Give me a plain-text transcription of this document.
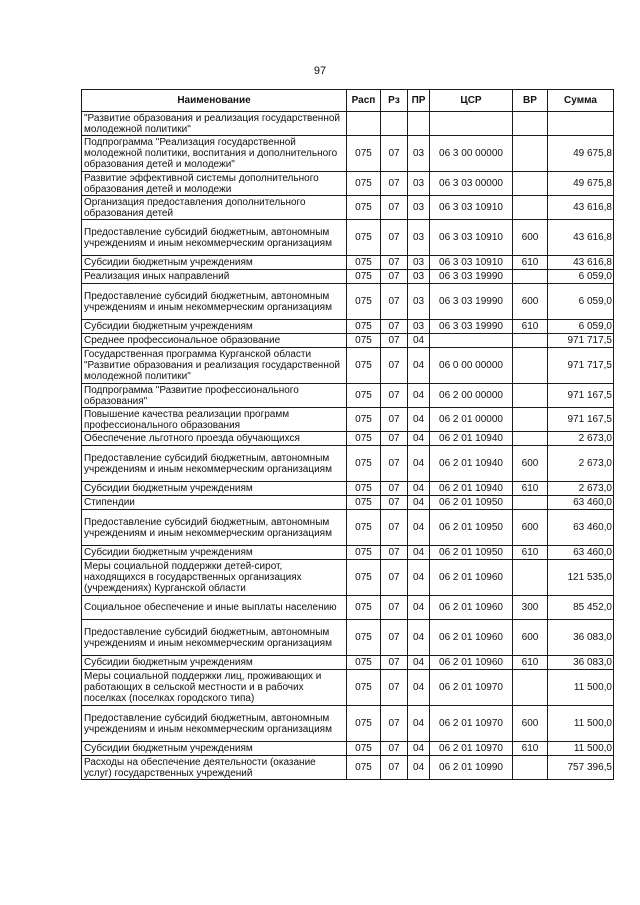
97
Наименование	Расп	Рз	ПР	ЦСР	ВР	Сумма
"Развитие образования и реализация государственной молодежной политики"						
Подпрограмма "Реализация государственной молодежной политики, воспитания и дополнительного образования детей и молодежи"	075	07	03	06 3 00 00000		49 675,8
Развитие эффективной системы дополнительного образования детей и молодежи	075	07	03	06 3 03 00000		49 675,8
Организация предоставления дополнительного образования детей	075	07	03	06 3 03 10910		43 616,8
Предоставление субсидий бюджетным, автономным учреждениям и иным некоммерческим организациям	075	07	03	06 3 03 10910	600	43 616,8
Субсидии бюджетным учреждениям	075	07	03	06 3 03 10910	610	43 616,8
Реализация иных направлений	075	07	03	06 3 03 19990		6 059,0
Предоставление субсидий бюджетным, автономным учреждениям и иным некоммерческим организациям	075	07	03	06 3 03 19990	600	6 059,0
Субсидии бюджетным учреждениям	075	07	03	06 3 03 19990	610	6 059,0
Среднее профессиональное образование	075	07	04			971 717,5
Государственная программа Курганской области "Развитие образования и реализация государственной молодежной политики"	075	07	04	06 0 00 00000		971 717,5
Подпрограмма "Развитие профессионального образования"	075	07	04	06 2 00 00000		971 167,5
Повышение качества реализации программ профессионального образования	075	07	04	06 2 01 00000		971 167,5
Обеспечение льготного проезда обучающихся	075	07	04	06 2 01 10940		2 673,0
Предоставление субсидий бюджетным, автономным учреждениям и иным некоммерческим организациям	075	07	04	06 2 01 10940	600	2 673,0
Субсидии бюджетным учреждениям	075	07	04	06 2 01 10940	610	2 673,0
Стипендии	075	07	04	06 2 01 10950		63 460,0
Предоставление субсидий бюджетным, автономным учреждениям и иным некоммерческим организациям	075	07	04	06 2 01 10950	600	63 460,0
Субсидии бюджетным учреждениям	075	07	04	06 2 01 10950	610	63 460,0
Меры социальной поддержки детей-сирот, находящихся в государственных организациях (учреждениях) Курганской области	075	07	04	06 2 01 10960		121 535,0
Социальное обеспечение и иные выплаты населению	075	07	04	06 2 01 10960	300	85 452,0
Предоставление субсидий бюджетным, автономным учреждениям и иным некоммерческим организациям	075	07	04	06 2 01 10960	600	36 083,0
Субсидии бюджетным учреждениям	075	07	04	06 2 01 10960	610	36 083,0
Меры социальной поддержки лиц, проживающих и работающих в сельской местности и в рабочих поселках (поселках городского типа)	075	07	04	06 2 01 10970		11 500,0
Предоставление субсидий бюджетным, автономным учреждениям и иным некоммерческим организациям	075	07	04	06 2 01 10970	600	11 500,0
Субсидии бюджетным учреждениям	075	07	04	06 2 01 10970	610	11 500,0
Расходы на обеспечение деятельности (оказание услуг) государственных учреждений	075	07	04	06 2 01 10990		757 396,5
